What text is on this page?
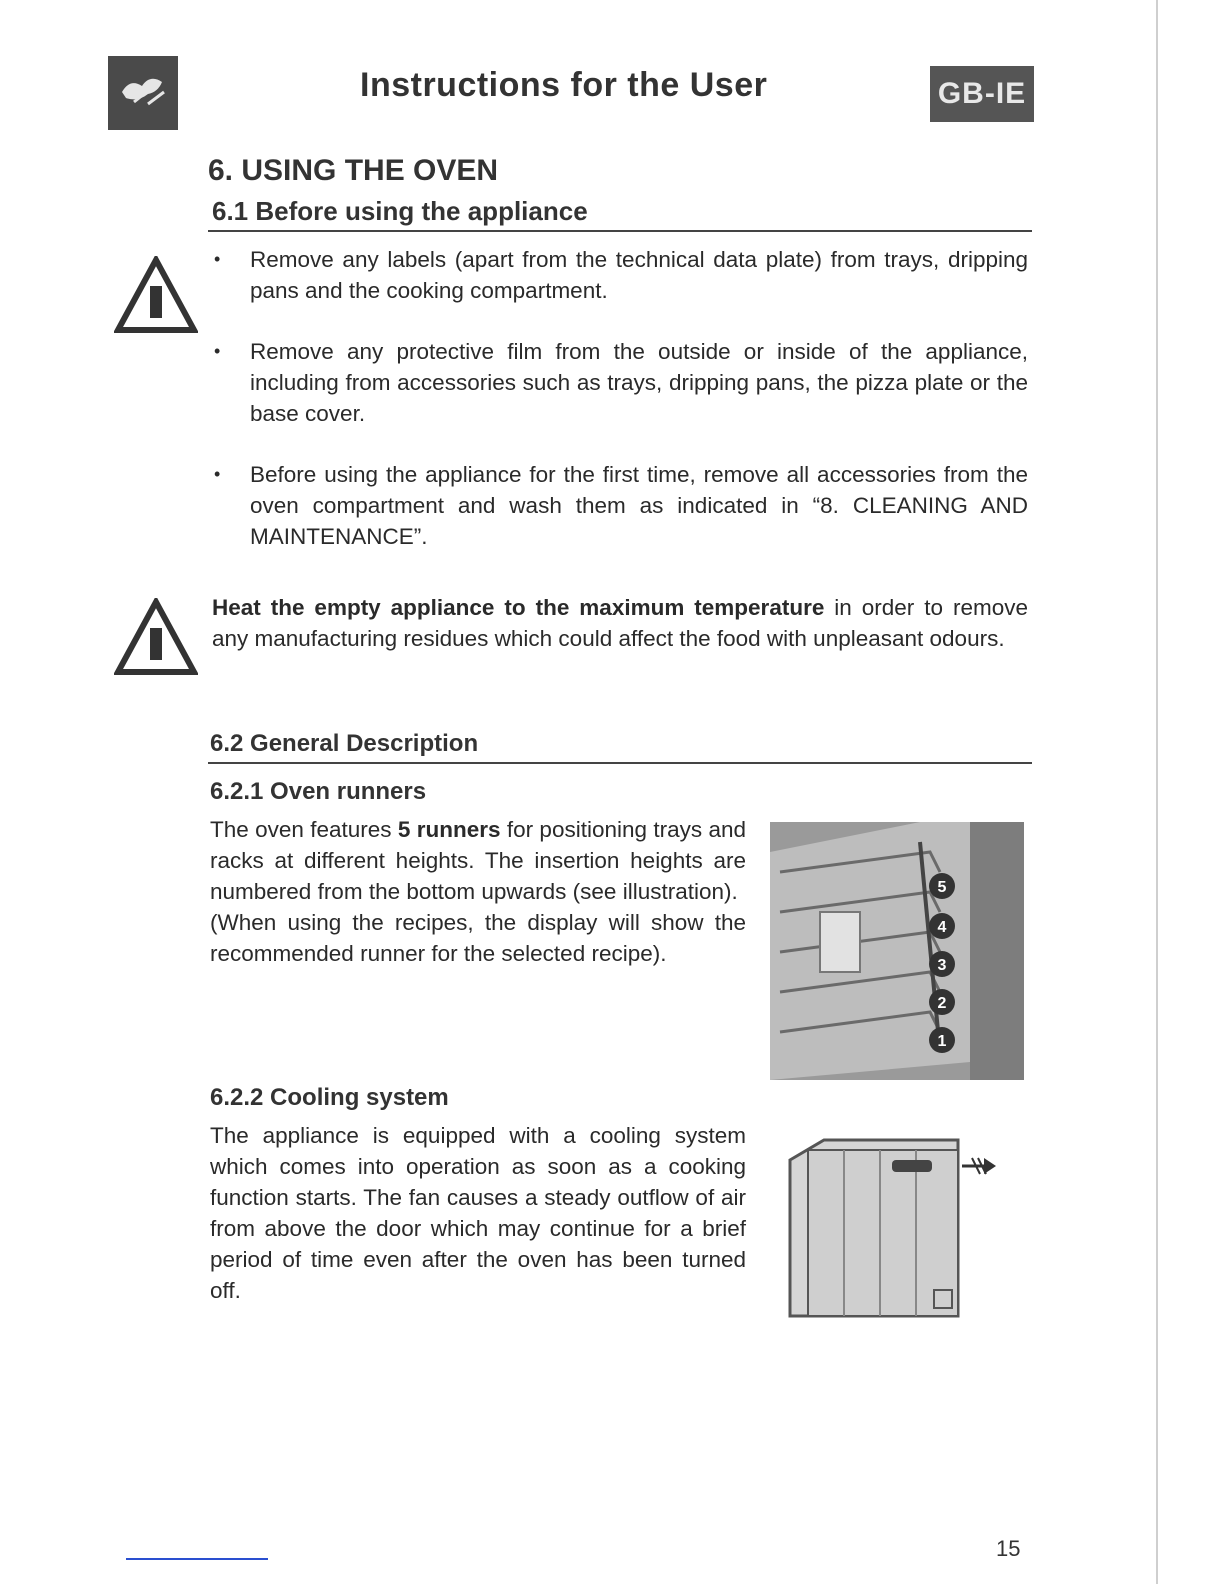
Instructions for the User	GB-IE
6. USING THE OVEN
6.1 Before using the appliance
• Remove any labels (apart from the technical data plate) from trays, dripping pans and the cooking compartment.
• Remove any protective film from the outside or inside of the appliance, including from accessories such as trays, dripping pans, the pizza plate or the base cover.
• Before using the appliance for the first time, remove all accessories from the oven compartment and wash them as indicated in “8. CLEANING AND MAINTENANCE”.
Heat the empty appliance to the maximum temperature in order to remove any manufacturing residues which could affect the food with unpleasant odours.
6.2 General Description
6.2.1 Oven runners
The oven features 5 runners for positioning trays and racks at different heights. The insertion heights are numbered from the bottom upwards (see illustration).
(When using the recipes, the display will show the recommended runner for the selected recipe).
5
4
3
2
1
6.2.2 Cooling system
The appliance is equipped with a cooling system which comes into operation as soon as a cooking function starts. The fan causes a steady outflow of air from above the door which may continue for a brief period of time even after the oven has been turned off.
15
